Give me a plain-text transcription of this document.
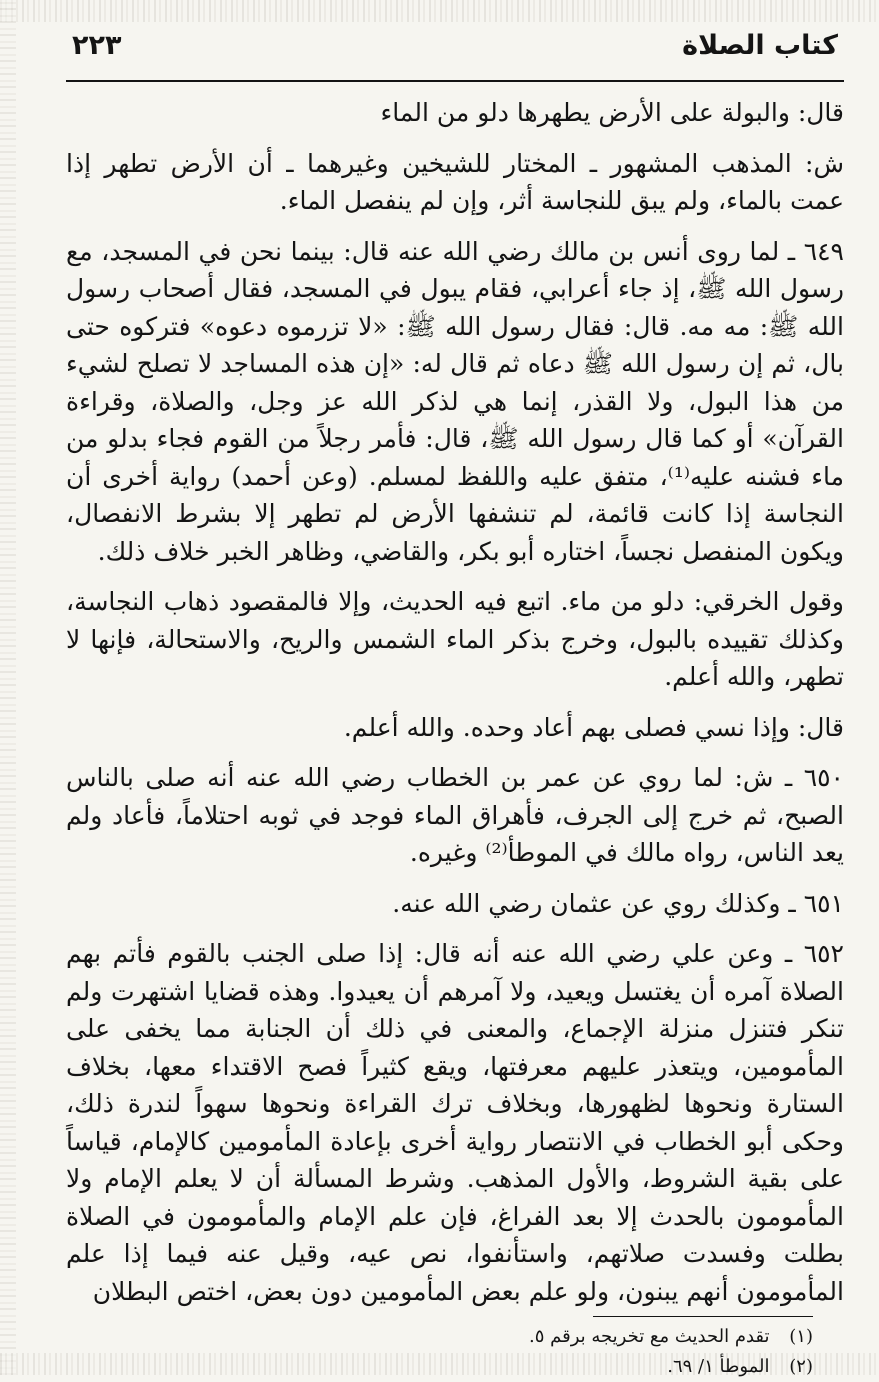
كتاب الصلاة
٢٢٣

قال: والبولة على الأرض يطهرها دلو من الماء

ش: المذهب المشهور ـ المختار للشيخين وغيرهما ـ أن الأرض تطهر إذا عمت بالماء، ولم يبق للنجاسة أثر، وإن لم ينفصل الماء.

٦٤٩ ـ لما روى أنس بن مالك رضي الله عنه قال: بينما نحن في المسجد، مع رسول الله ﷺ، إذ جاء أعرابي، فقام يبول في المسجد، فقال أصحاب رسول الله ﷺ: مه مه. قال: فقال رسول الله ﷺ: «لا تزرموه دعوه» فتركوه حتى بال، ثم إن رسول الله ﷺ دعاه ثم قال له: «إن هذه المساجد لا تصلح لشيء من هذا البول، ولا القذر، إنما هي لذكر الله عز وجل، والصلاة، وقراءة القرآن» أو كما قال رسول الله ﷺ، قال: فأمر رجلاً من القوم فجاء بدلو من ماء فشنه عليه⁽¹⁾، متفق عليه واللفظ لمسلم. (وعن أحمد) رواية أخرى أن النجاسة إذا كانت قائمة، لم تنشفها الأرض لم تطهر إلا بشرط الانفصال، ويكون المنفصل نجساً، اختاره أبو بكر، والقاضي، وظاهر الخبر خلاف ذلك.

وقول الخرقي: دلو من ماء. اتبع فيه الحديث، وإلا فالمقصود ذهاب النجاسة، وكذلك تقييده بالبول، وخرج بذكر الماء الشمس والريح، والاستحالة، فإنها لا تطهر، والله أعلم.

قال: وإذا نسي فصلى بهم أعاد وحده. والله أعلم.

٦٥٠ ـ ش: لما روي عن عمر بن الخطاب رضي الله عنه أنه صلى بالناس الصبح، ثم خرج إلى الجرف، فأهراق الماء فوجد في ثوبه احتلاماً، فأعاد ولم يعد الناس، رواه مالك في الموطأ⁽²⁾ وغيره.

٦٥١ ـ وكذلك روي عن عثمان رضي الله عنه.

٦٥٢ ـ وعن علي رضي الله عنه أنه قال: إذا صلى الجنب بالقوم فأتم بهم الصلاة آمره أن يغتسل ويعيد، ولا آمرهم أن يعيدوا. وهذه قضايا اشتهرت ولم تنكر فتنزل منزلة الإجماع، والمعنى في ذلك أن الجنابة مما يخفى على المأمومين، ويتعذر عليهم معرفتها، ويقع كثيراً فصح الاقتداء معها، بخلاف الستارة ونحوها لظهورها، وبخلاف ترك القراءة ونحوها سهواً لندرة ذلك، وحكى أبو الخطاب في الانتصار رواية أخرى بإعادة المأمومين كالإمام، قياساً على بقية الشروط، والأول المذهب. وشرط المسألة أن لا يعلم الإمام ولا المأمومون بالحدث إلا بعد الفراغ، فإن علم الإمام والمأمومون في الصلاة بطلت وفسدت صلاتهم، واستأنفوا، نص عيه، وقيل عنه فيما إذا علم المأمومون أنهم يبنون، ولو علم بعض المأمومين دون بعض، اختص البطلان

(١) تقدم الحديث مع تخريجه برقم ٥.
(٢) الموطأ ١/ ٦٩.
